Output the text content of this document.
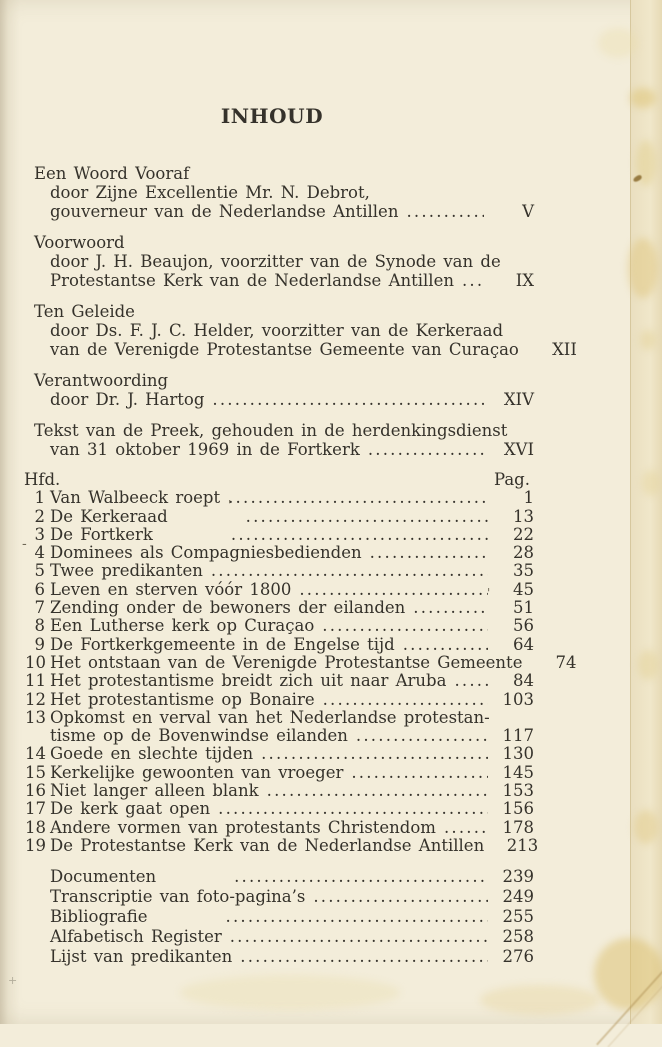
INHOUD
Een Woord Vooraf
door Zijne Excellentie Mr. N. Debrot,
gouverneur van de Nederlandse Antillen .....	V
Voorwoord
door J. H. Beaujon, voorzitter van de Synode van de
Protestantse Kerk van de Nederlandse Antillen .....	IX
Ten Geleide
door Ds. F. J. C. Helder, voorzitter van de Kerkeraad
van de Verenigde Protestantse Gemeente van Curaçao	XII
Verantwoording
door Dr. J. Hartog .....	XIV
Tekst van de Preek, gehouden in de herdenkingsdienst
van 31 oktober 1969 in de Fortkerk .....	XVI
Hfd.	Pag.
1 Van Walbeeck roept .....	1
2 De Kerkeraad .....	13
3 De Fortkerk .....	22
4 Dominees als Compagniesbedienden .....	28
5 Twee predikanten .....	35
6 Leven en sterven vóór 1800 .....	45
7 Zending onder de bewoners der eilanden .....	51
8 Een Lutherse kerk op Curaçao .....	56
9 De Fortkerkgemeente in de Engelse tijd .....	64
10 Het ontstaan van de Verenigde Protestantse Gemeente	74
11 Het protestantisme breidt zich uit naar Aruba .....	84
12 Het protestantisme op Bonaire .....	103
13 Opkomst en verval van het Nederlandse protestan-
tisme op de Bovenwindse eilanden .....	117
14 Goede en slechte tijden .....	130
15 Kerkelijke gewoonten van vroeger .....	145
16 Niet langer alleen blank .....	153
17 De kerk gaat open .....	156
18 Andere vormen van protestants Christendom .....	178
19 De Protestantse Kerk van de Nederlandse Antillen	213
Documenten .....	239
Transcriptie van foto-pagina’s .....	249
Bibliografie .....	255
Alfabetisch Register .....	258
Lijst van predikanten .....	276
-
'
'
+
